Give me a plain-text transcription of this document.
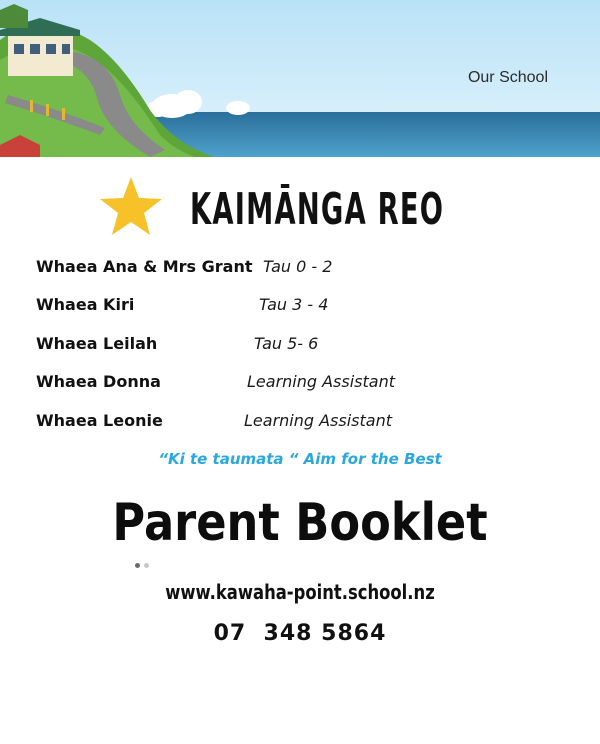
Our School
KAIMĀNGA REO
Whaea Ana & Mrs Grant Tau 0 - 2
Whaea Kiri	Tau 3 - 4
Whaea Leilah	Tau 5- 6
Whaea Donna	Learning Assistant
Whaea Leonie	Learning Assistant
“Ki te taumata “ Aim for the Best
Parent Booklet
www.kawaha-point.school.nz
07  348 5864
